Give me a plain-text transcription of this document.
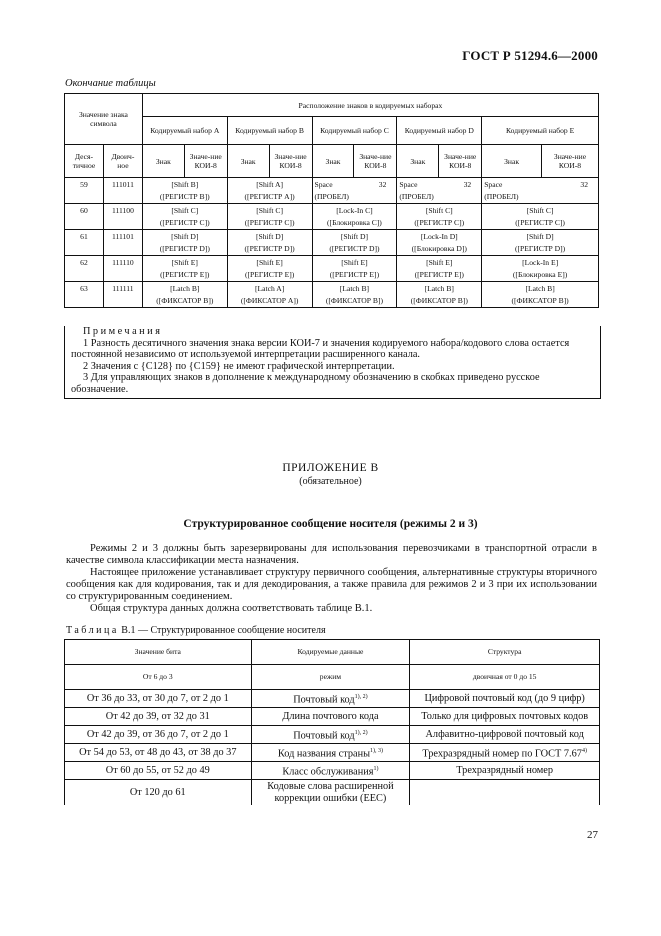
ГОСТ Р 51294.6—2000
Окончание таблицы
Значение знака символа		Расположение знаков в кодируемых наборах									
		Кодируемый набор А		Кодируемый набор В		Кодируемый набор С		Кодируемый набор D		Кодируемый набор Е	
Деся-тичное	Двоич-ное	Знак	Значе-ние КОИ-8	Знак	Значе-ние КОИ-8	Знак	Значе-ние КОИ-8	Знак	Значе-ние КОИ-8	Знак	Значе-ние КОИ-8
59	111011	[Shift B]		[Shift A]		Space 32		Space 32		Space 32	

		([РЕГИСТР B])		([РЕГИСТР А])		(ПРОБЕЛ)		(ПРОБЕЛ)		(ПРОБЕЛ)	
60	111100	[Shift C]		[Shift C]		[Lock-In C]		[Shift C]		[Shift C]	
		([РЕГИСТР C])		([РЕГИСТР C])		([Блокировка C])		([РЕГИСТР C])		([РЕГИСТР C])	
61	111101	[Shift D]		[Shift D]		[Shift D]		[Lock-In D]		[Shift D]	
		([РЕГИСТР D])		([РЕГИСТР D])		([РЕГИСТР D])		([Блокировка D])		([РЕГИСТР D])	
62	111110	[Shift E]		[Shift E]		[Shift E]		[Shift E]		[Lock-In E]	
		([РЕГИСТР E])		([РЕГИСТР E])		([РЕГИСТР E])		([РЕГИСТР E])		([Блокировка E])	
63	111111	[Latch B]		[Latch A]		[Latch B]		[Latch B]		[Latch B]	
		([ФИКСАТОР B])		([ФИКСАТОР А])		([ФИКСАТОР B])		([ФИКСАТОР B])		([ФИКСАТОР B])	
Примечания

1 Разность десятичного значения знака версии КОИ-7 и значения кодируемого набора/кодового слова остается постоянной независимо от используемой интерпретации расширенного канала.

2 Значения с {С128} по {С159} не имеют графической интерпретации.

3 Для управляющих знаков в дополнение к международному обозначению в скобках приведено русское обозначение.

ПРИЛОЖЕНИЕ В
(обязательное)
Структурированное сообщение носителя (режимы 2 и 3)

Режимы 2 и 3 должны быть зарезервированы для использования перевозчиками в транспортной отрасли в качестве символа классификации места назначения.

Настоящее приложение устанавливает структуру первичного сообщения, альтернативные структуры вторичного сообщения как для кодирования, так и для декодирования, а также правила для режимов 2 и 3 при их использовании со структурированным соединением.

Общая структура данных должна соответствовать таблице В.1.

Таблица В.1 — Структурированное сообщение носителя
Значение бита	Кодируемые данные	Структура
От 6 до 3	режим	двоичная от 0 до 15
От 36 до 33, от 30 до 7, от 2 до 1	Почтовый код$^{1), 2)}$	Цифровой почтовый код (до 9 цифр)
От 42 до 39, от 32 до 31	Длина почтового кода	Только для цифровых почтовых кодов
От 42 до 39, от 36 до 7, от 2 до 1	Почтовый код$^{1), 2)}$	Алфавитно-цифровой почтовый код
От 54 до 53, от 48 до 43, от 38 до 37	Код названия страны$^{1), 3)}$	Трехразрядный номер по ГОСТ 7.67$^{4)}$
От 60 до 55, от 52 до 49	Класс обслуживания$^{1)}$	Трехразрядный номер
От 120 до 61	Кодовые слова расширенной коррекции ошибки (ЕЕС)	
27
